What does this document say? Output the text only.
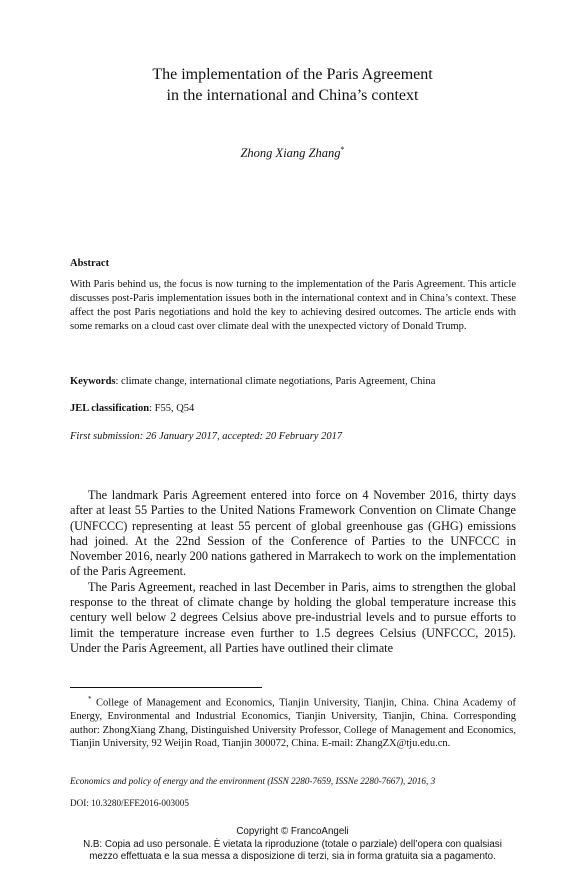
The implementation of the Paris Agreement
in the international and China’s context
Zhong Xiang Zhang*
Abstract
With Paris behind us, the focus is now turning to the implementation of the Paris Agreement. This article discusses post-Paris implementation issues both in the international context and in China’s context. These affect the post Paris negotiations and hold the key to achieving desired outcomes. The article ends with some remarks on a cloud cast over climate deal with the unexpected victory of Donald Trump.
Keywords: climate change, international climate negotiations, Paris Agreement, China
JEL classification: F55, Q54
First submission: 26 January 2017, accepted: 20 February 2017

The landmark Paris Agreement entered into force on 4 November 2016, thirty days after at least 55 Parties to the United Nations Framework Convention on Climate Change (UNFCCC) representing at least 55 percent of global greenhouse gas (GHG) emissions had joined. At the 22nd Session of the Conference of Parties to the UNFCCC in November 2016, nearly 200 nations gathered in Marrakech to work on the implementation of the Paris Agreement.

The Paris Agreement, reached in last December in Paris, aims to strengthen the global response to the threat of climate change by holding the global temperature increase this century well below 2 degrees Celsius above pre-industrial levels and to pursue efforts to limit the temperature increase even further to 1.5 degrees Celsius (UNFCCC, 2015). Under the Paris Agreement, all Parties have outlined their climate

* College of Management and Economics, Tianjin University, Tianjin, China. China Academy of Energy, Environmental and Industrial Economics, Tianjin University, Tianjin, China. Corresponding author: ZhongXiang Zhang, Distinguished University Professor, College of Management and Economics, Tianjin University, 92 Weijin Road, Tianjin 300072, China. E-mail: ZhangZX@tju.edu.cn.
Economics and policy of energy and the environment (ISSN 2280-7659, ISSNe 2280-7667), 2016, 3
DOI: 10.3280/EFE2016-003005
Copyright © FrancoAngeli
N.B: Copia ad uso personale. È vietata la riproduzione (totale o parziale) dell’opera con qualsiasi
mezzo effettuata e la sua messa a disposizione di terzi, sia in forma gratuita sia a pagamento.
